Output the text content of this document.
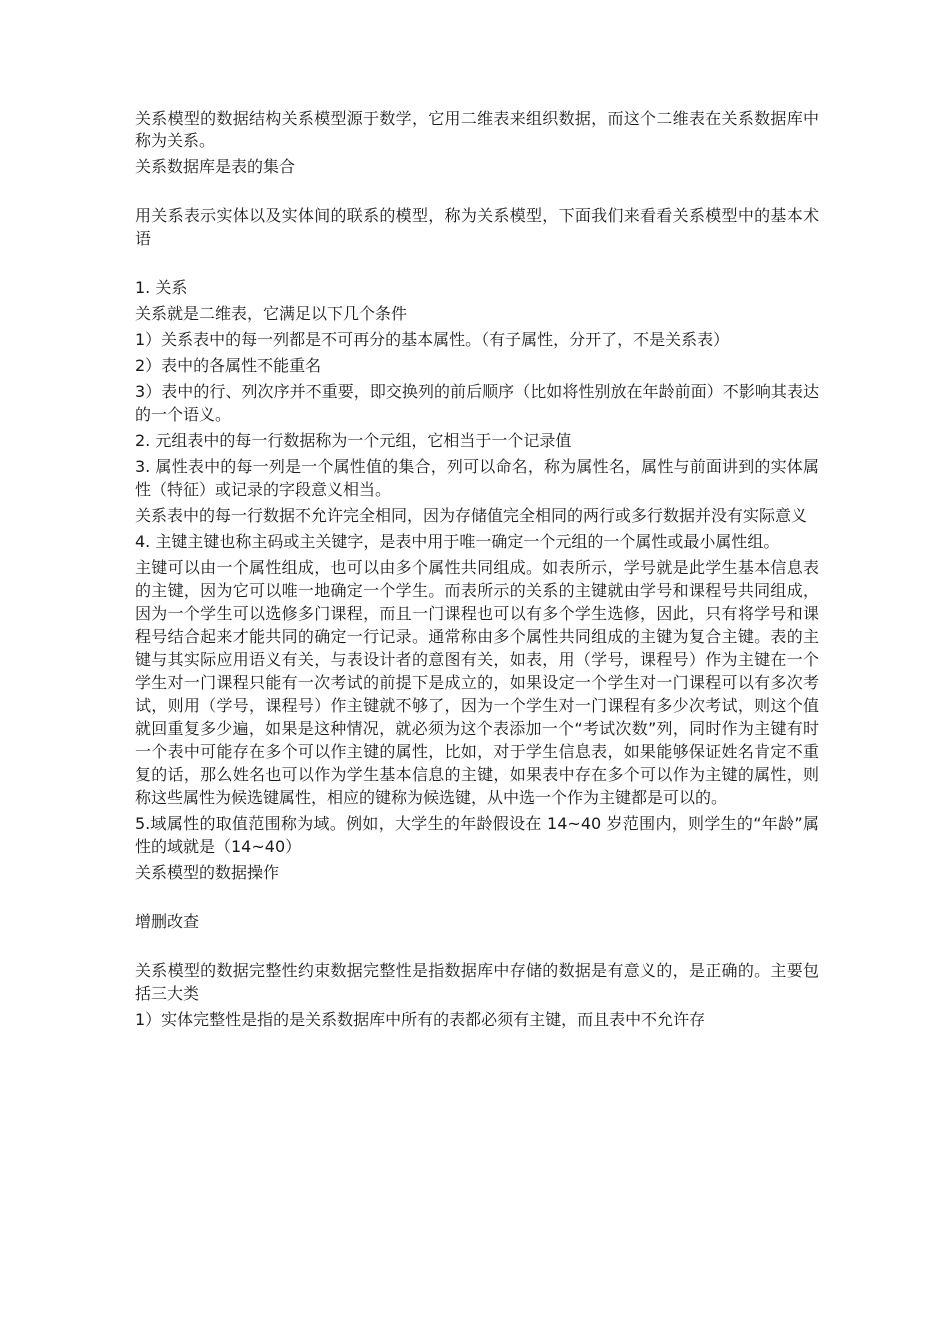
关系模型的数据结构关系模型源于数学，它用二维表来组织数据，而这个二维表在关系数据库中称为关系。

关系数据库是表的集合

用关系表示实体以及实体间的联系的模型，称为关系模型，下面我们来看看关系模型中的基本术语

1. 关系

关系就是二维表，它满足以下几个条件

1）关系表中的每一列都是不可再分的基本属性。（有子属性，分开了，不是关系表）

2）表中的各属性不能重名

3）表中的行、列次序并不重要，即交换列的前后顺序（比如将性别放在年龄前面）不影响其表达的一个语义。

2. 元组表中的每一行数据称为一个元组，它相当于一个记录值

3. 属性表中的每一列是一个属性值的集合，列可以命名，称为属性名，属性与前面讲到的实体属性（特征）或记录的字段意义相当。

关系表中的每一行数据不允许完全相同，因为存储值完全相同的两行或多行数据并没有实际意义

4. 主键主键也称主码或主关键字，是表中用于唯一确定一个元组的一个属性或最小属性组。

主键可以由一个属性组成，也可以由多个属性共同组成。如表所示，学号就是此学生基本信息表的主键，因为它可以唯一地确定一个学生。而表所示的关系的主键就由学号和课程号共同组成，因为一个学生可以选修多门课程，而且一门课程也可以有多个学生选修，因此，只有将学号和课程号结合起来才能共同的确定一行记录。通常称由多个属性共同组成的主键为复合主键。表的主键与其实际应用语义有关，与表设计者的意图有关，如表，用（学号，课程号）作为主键在一个学生对一门课程只能有一次考试的前提下是成立的，如果设定一个学生对一门课程可以有多次考试，则用（学号，课程号）作主键就不够了，因为一个学生对一门课程有多少次考试，则这个值就回重复多少遍，如果是这种情况，就必须为这个表添加一个“考试次数”列，同时作为主键有时一个表中可能存在多个可以作主键的属性，比如，对于学生信息表，如果能够保证姓名肯定不重复的话，那么姓名也可以作为学生基本信息的主键，如果表中存在多个可以作为主键的属性，则称这些属性为候选键属性，相应的键称为候选键，从中选一个作为主键都是可以的。

5.域属性的取值范围称为域。例如，大学生的年龄假设在 14~40 岁范围内，则学生的“年龄”属性的域就是（14~40）

关系模型的数据操作

增删改查

关系模型的数据完整性约束数据完整性是指数据库中存储的数据是有意义的，是正确的。主要包括三大类

1）实体完整性是指的是关系数据库中所有的表都必须有主键，而且表中不允许存
